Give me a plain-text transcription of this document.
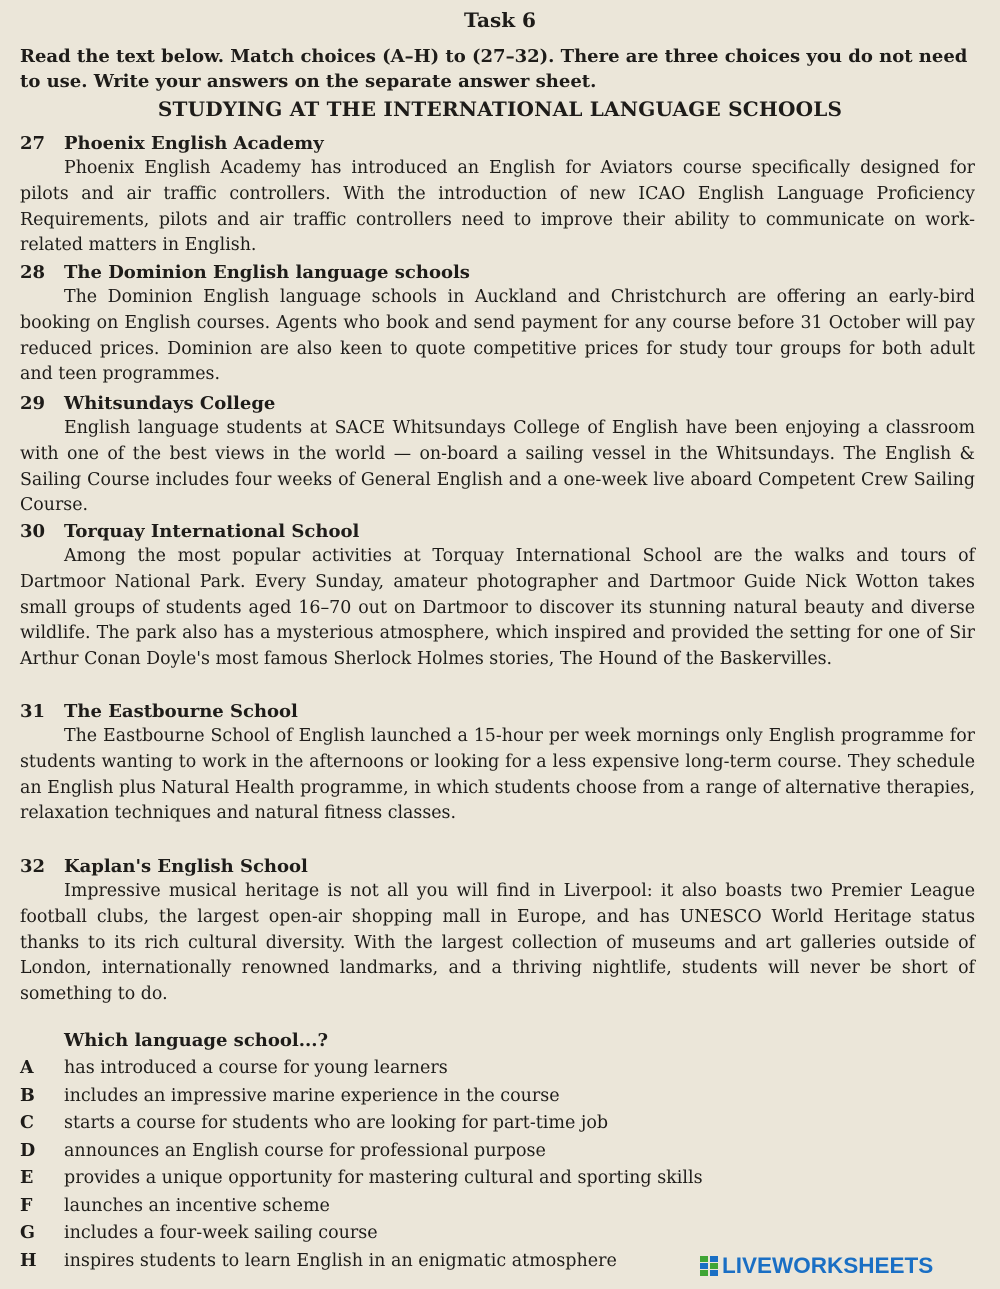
Task 6
Read the text below. Match choices (A–H) to (27–32). There are three choices you do not need to use. Write your answers on the separate answer sheet.
STUDYING AT THE INTERNATIONAL LANGUAGE SCHOOLS
27 Phoenix English Academy
Phoenix English Academy has introduced an English for Aviators course specifically designed for pilots and air traffic controllers. With the introduction of new ICAO English Language Proficiency Requirements, pilots and air traffic controllers need to improve their ability to communicate on work-related matters in English.
28 The Dominion English language schools
The Dominion English language schools in Auckland and Christchurch are offering an early-bird booking on English courses. Agents who book and send payment for any course before 31 October will pay reduced prices. Dominion are also keen to quote competitive prices for study tour groups for both adult and teen programmes.
29 Whitsundays College
English language students at SACE Whitsundays College of English have been enjoying a classroom with one of the best views in the world — on-board a sailing vessel in the Whitsundays. The English & Sailing Course includes four weeks of General English and a one-week live aboard Competent Crew Sailing Course.
30 Torquay International School
Among the most popular activities at Torquay International School are the walks and tours of Dartmoor National Park. Every Sunday, amateur photographer and Dartmoor Guide Nick Wotton takes small groups of students aged 16–70 out on Dartmoor to discover its stunning natural beauty and diverse wildlife. The park also has a mysterious atmosphere, which inspired and provided the setting for one of Sir Arthur Conan Doyle's most famous Sherlock Holmes stories, The Hound of the Baskervilles.
31 The Eastbourne School
The Eastbourne School of English launched a 15-hour per week mornings only English programme for students wanting to work in the afternoons or looking for a less expensive long-term course. They schedule an English plus Natural Health programme, in which students choose from a range of alternative therapies, relaxation techniques and natural fitness classes.
32 Kaplan's English School
Impressive musical heritage is not all you will find in Liverpool: it also boasts two Premier League football clubs, the largest open-air shopping mall in Europe, and has UNESCO World Heritage status thanks to its rich cultural diversity. With the largest collection of museums and art galleries outside of London, internationally renowned landmarks, and a thriving nightlife, students will never be short of something to do.
Which language school...?
A has introduced a course for young learners
B includes an impressive marine experience in the course
C starts a course for students who are looking for part-time job
D announces an English course for professional purpose
E provides a unique opportunity for mastering cultural and sporting skills
F launches an incentive scheme
G includes a four-week sailing course
H inspires students to learn English in an enigmatic atmosphere	LIVEWORKSHEETS
